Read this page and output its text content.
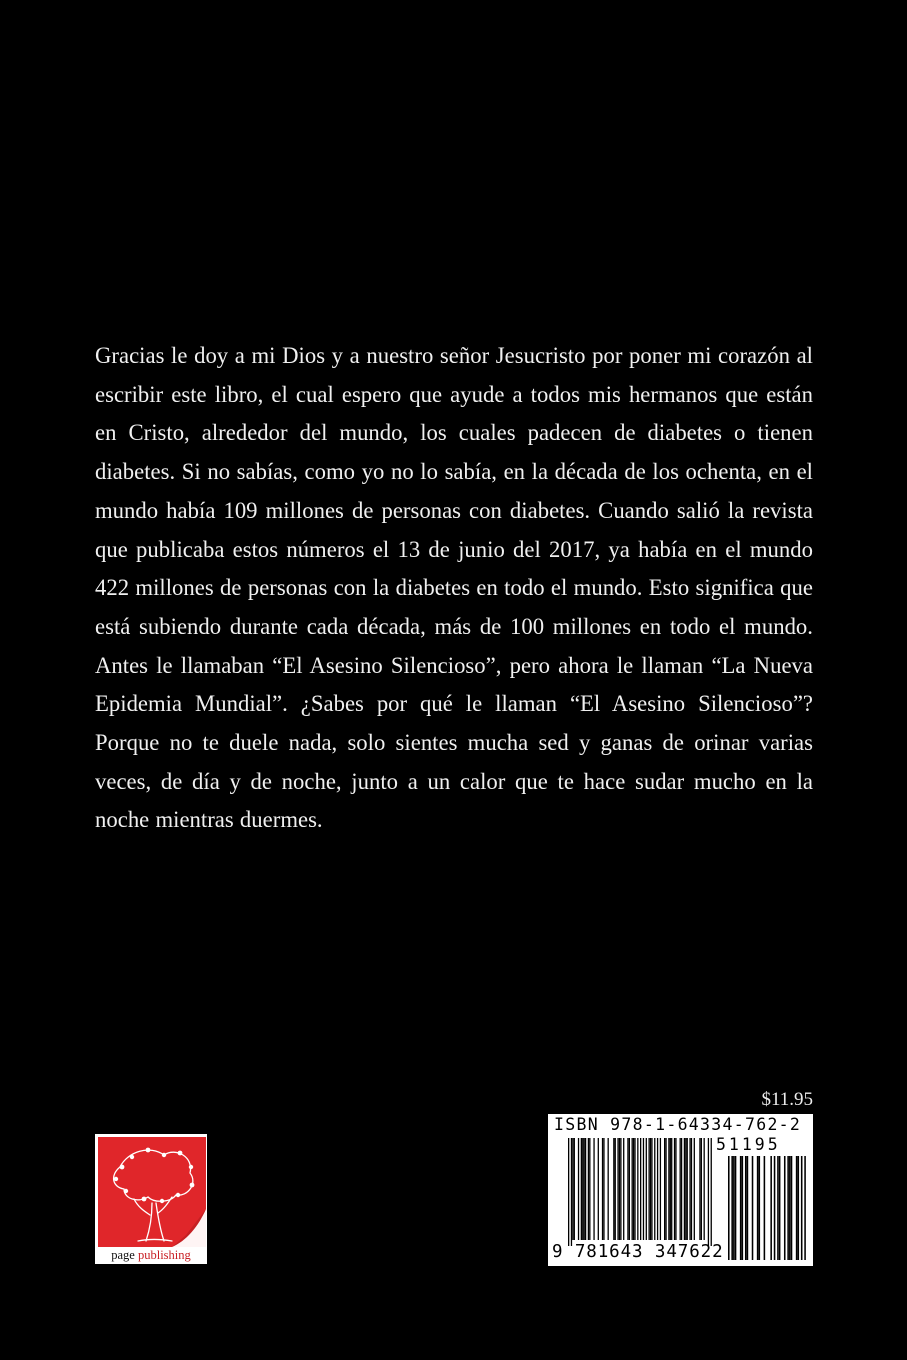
Gracias le doy a mi Dios y a nuestro señor Jesucristo por poner mi corazón al escribir este libro, el cual espero que ayude a todos mis hermanos que están en Cristo, alrededor del mundo, los cuales padecen de diabetes o tienen diabetes. Si no sabías, como yo no lo sabía, en la década de los ochenta, en el mundo había 109 millones de personas con diabetes. Cuando salió la revista que publicaba estos números el 13 de junio del 2017, ya había en el mundo 422 millones de personas con la diabetes en todo el mundo. Esto significa que está subiendo durante cada década, más de 100 millones en todo el mundo. Antes le llamaban “El Asesino Silencioso”, pero ahora le llaman “La Nueva Epidemia Mundial”. ¿Sabes por qué le llaman “El Asesino Silencioso”? Porque no te duele nada, solo sientes mucha sed y ganas de orinar varias veces, de día y de noche, junto a un calor que te hace sudar mucho en la noche mientras duermes.

$11.95
ISBN 978-1-64334-762-2
51195
9 781643 347622
page publishing
